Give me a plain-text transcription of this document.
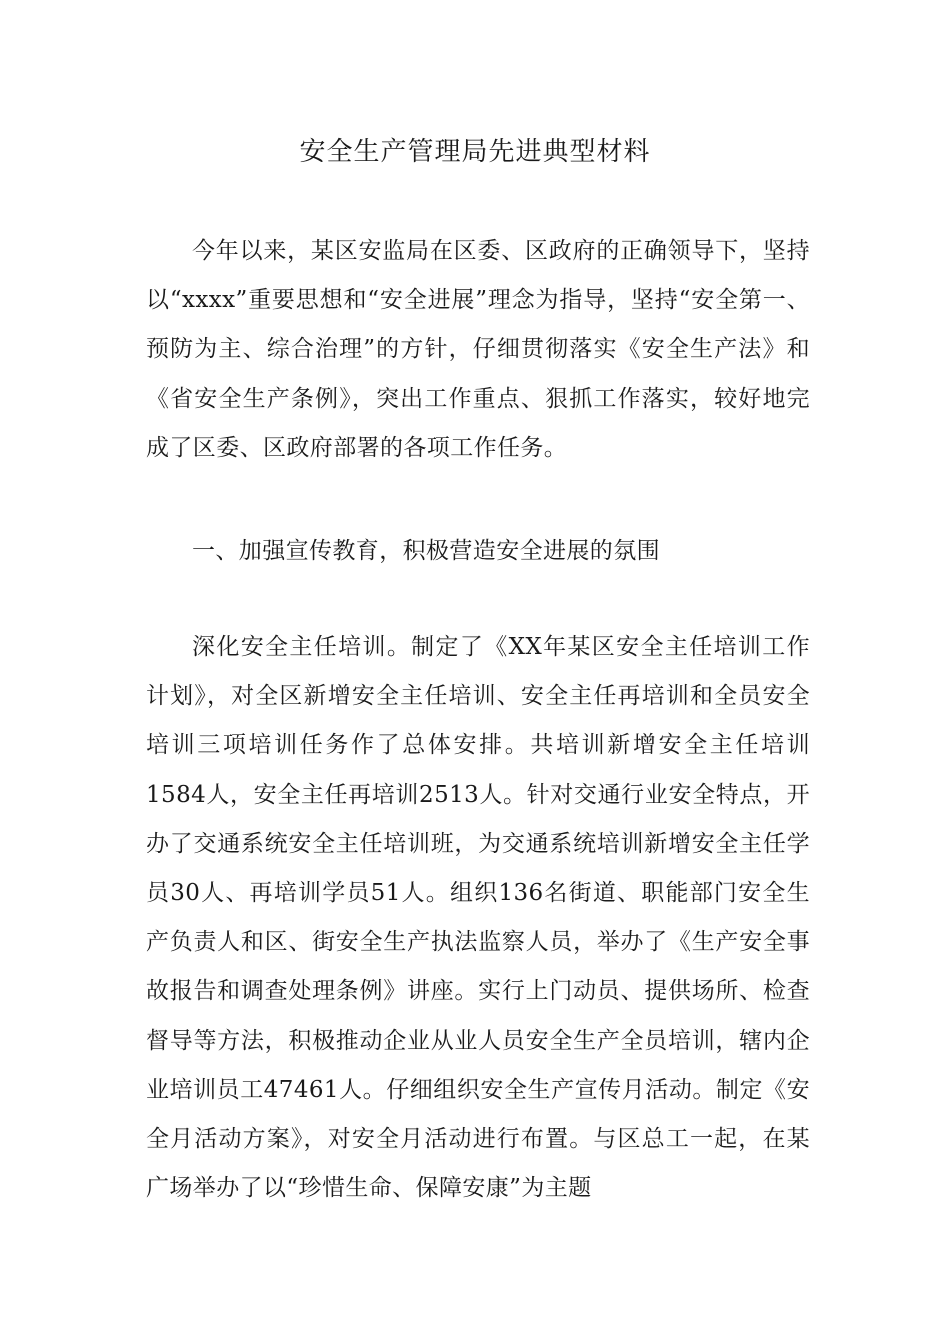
安全生产管理局先进典型材料

今年以来，某区安监局在区委、区政府的正确领导下，坚持以“xxxx”重要思想和“安全进展”理念为指导，坚持“安全第一、预防为主、综合治理”的方针，仔细贯彻落实《安全生产法》和《省安全生产条例》，突出工作重点、狠抓工作落实，较好地完成了区委、区政府部署的各项工作任务。

一、加强宣传教育，积极营造安全进展的氛围

深化安全主任培训。制定了《XX年某区安全主任培训工作计划》，对全区新增安全主任培训、安全主任再培训和全员安全培训三项培训任务作了总体安排。共培训新增安全主任培训1584人，安全主任再培训2513人。针对交通行业安全特点，开办了交通系统安全主任培训班，为交通系统培训新增安全主任学员30人、再培训学员51人。组织136名街道、职能部门安全生产负责人和区、街安全生产执法监察人员，举办了《生产安全事故报告和调查处理条例》讲座。实行上门动员、提供场所、检查督导等方法，积极推动企业从业人员安全生产全员培训，辖内企业培训员工47461人。仔细组织安全生产宣传月活动。制定《安全月活动方案》，对安全月活动进行布置。与区总工一起，在某广场举办了以“珍惜生命、保障安康”为主题
